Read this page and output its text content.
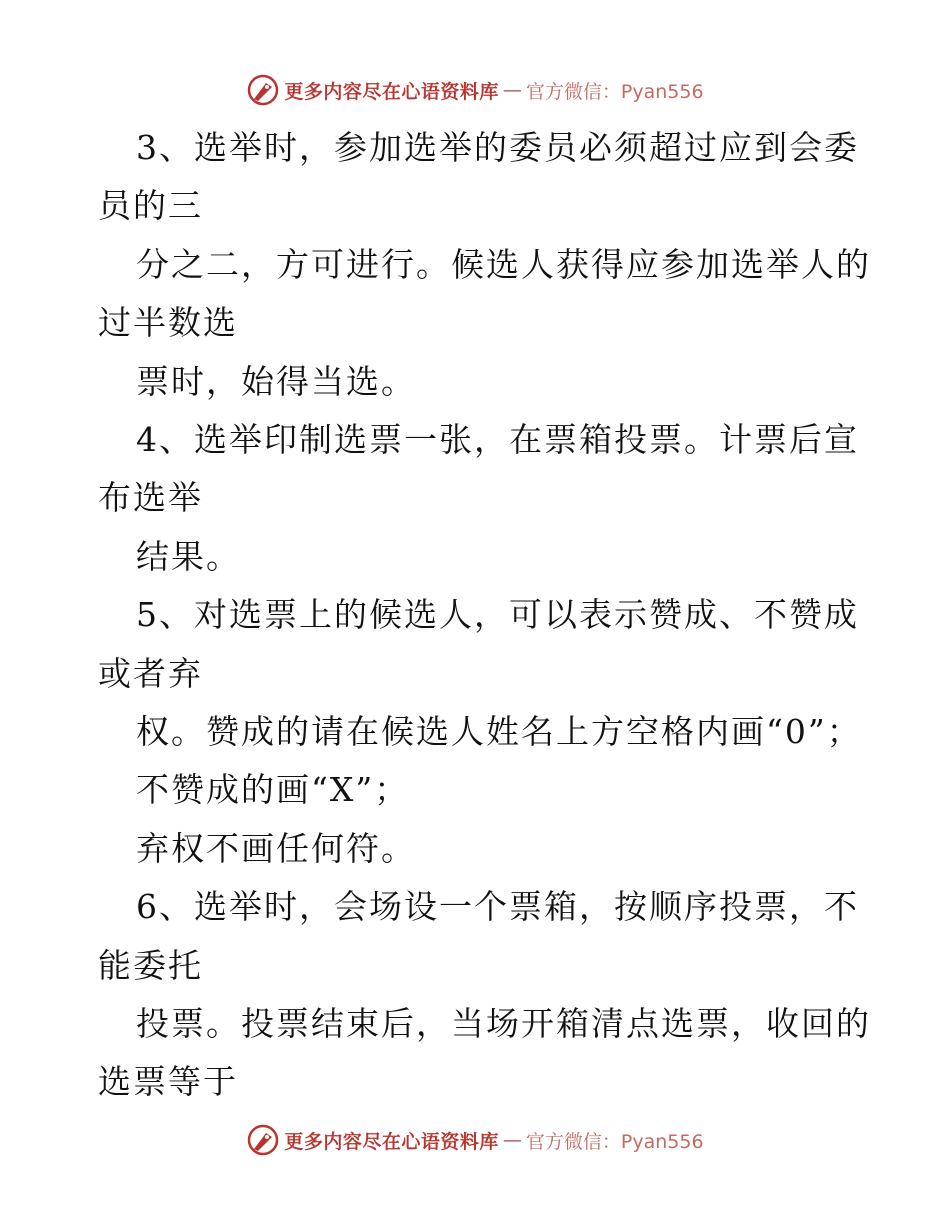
更多内容尽在心语资料库 — 官方微信：Pyan556
3、选举时，参加选举的委员必须超过应到会委
员的三
分之二，方可进行。候选人获得应参加选举人的
过半数选
票时，始得当选。
4、选举印制选票一张，在票箱投票。计票后宣
布选举
结果。
5、对选票上的候选人，可以表示赞成、不赞成
或者弃
权。赞成的请在候选人姓名上方空格内画“0”；
不赞成的画“X”；
弃权不画任何符。
6、选举时，会场设一个票箱，按顺序投票，不
能委托
投票。投票结束后，当场开箱清点选票，收回的
选票等于
更多内容尽在心语资料库 — 官方微信：Pyan556
